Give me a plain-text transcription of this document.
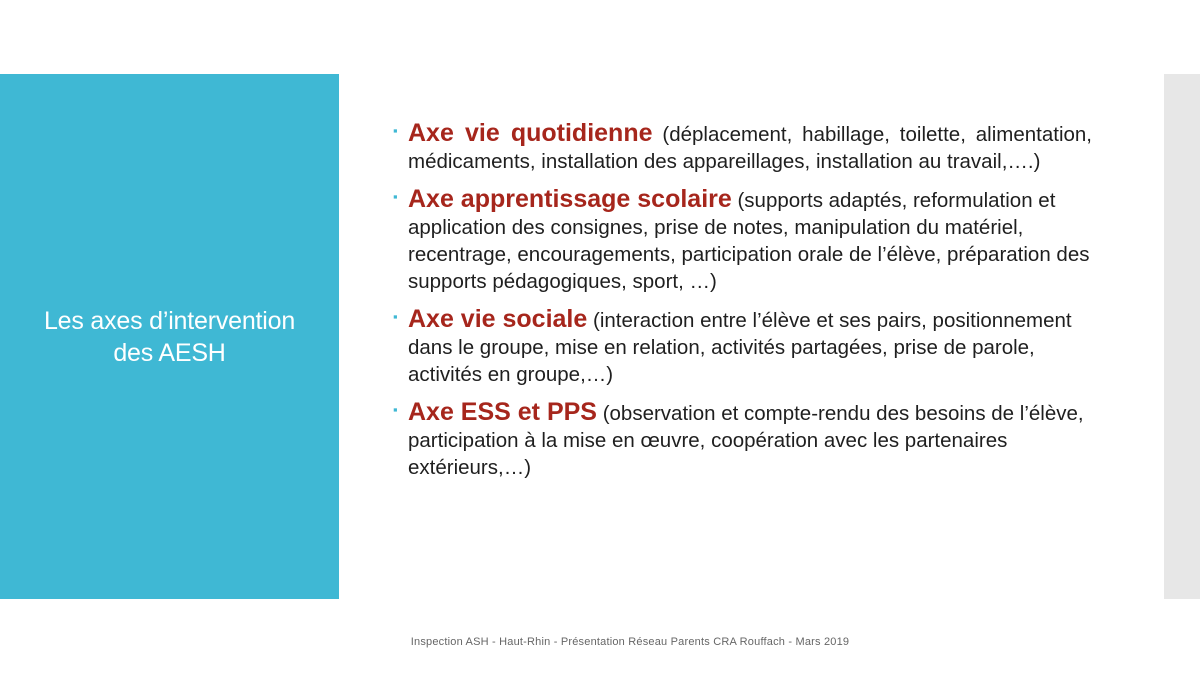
Les axes d’intervention
des AESH
▪ Axe vie quotidienne (déplacement, habillage, toilette, alimentation, médicaments, installation des appareillages, installation au travail,….)
▪ Axe apprentissage scolaire (supports adaptés, reformulation et application des consignes, prise de notes, manipulation du matériel, recentrage, encouragements, participation orale de l’élève, préparation des supports pédagogiques, sport, …)
▪ Axe vie sociale (interaction entre l’élève et ses pairs, positionnement dans le groupe, mise en relation, activités partagées, prise de parole, activités en groupe,…)
▪ Axe ESS et PPS (observation et compte-rendu des besoins de l’élève, participation à la mise en œuvre, coopération avec les partenaires extérieurs,…)
Inspection ASH - Haut-Rhin - Présentation Réseau Parents CRA Rouffach - Mars 2019
